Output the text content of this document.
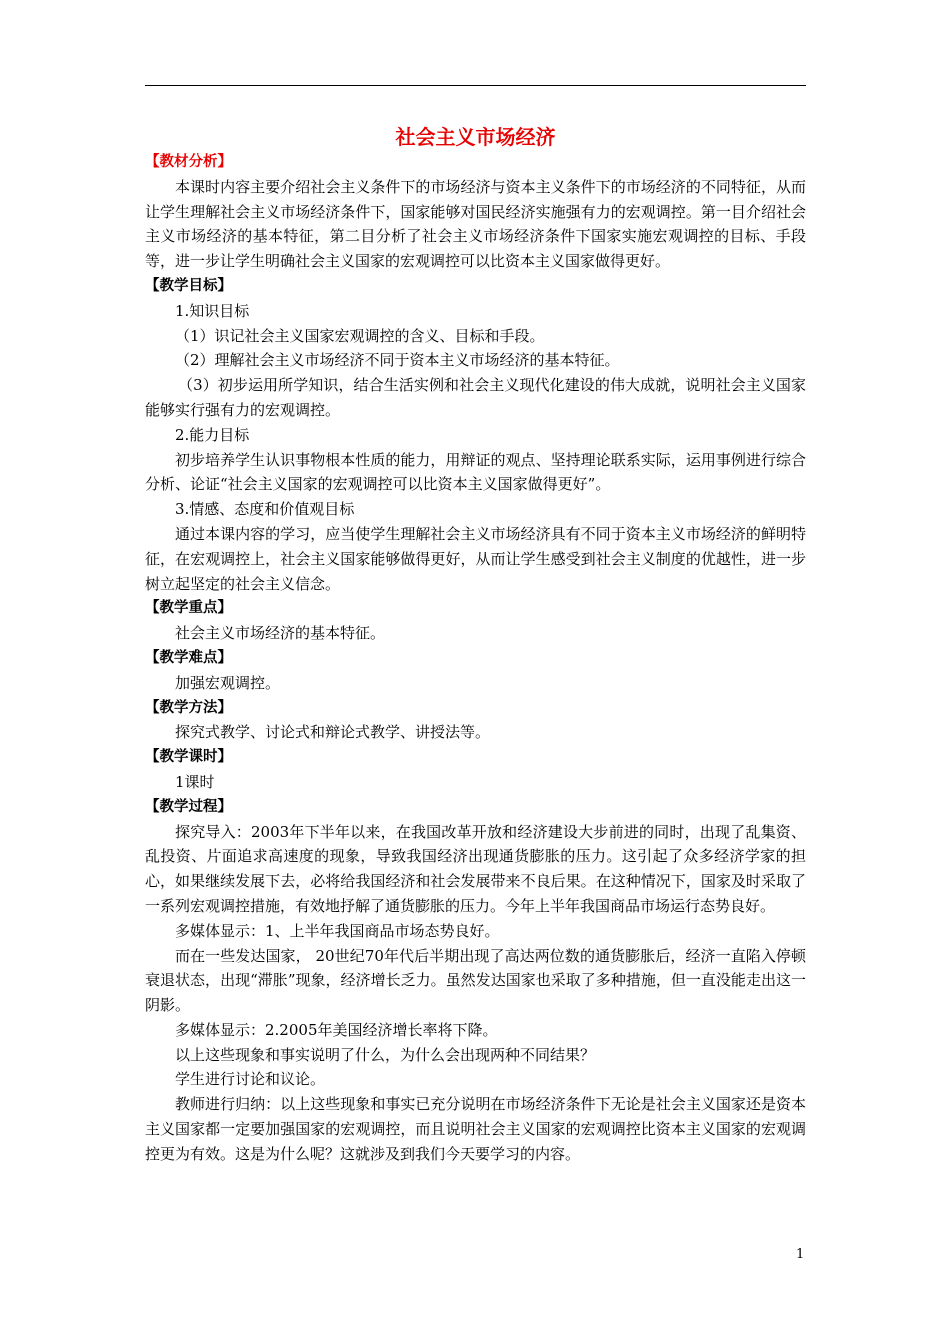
社会主义市场经济

【教材分析】

本课时内容主要介绍社会主义条件下的市场经济与资本主义条件下的市场经济的不同特征，从而让学生理解社会主义市场经济条件下，国家能够对国民经济实施强有力的宏观调控。第一目介绍社会主义市场经济的基本特征，第二目分析了社会主义市场经济条件下国家实施宏观调控的目标、手段等，进一步让学生明确社会主义国家的宏观调控可以比资本主义国家做得更好。

【教学目标】

1.知识目标

（1）识记社会主义国家宏观调控的含义、目标和手段。

（2）理解社会主义市场经济不同于资本主义市场经济的基本特征。

（3）初步运用所学知识，结合生活实例和社会主义现代化建设的伟大成就，说明社会主义国家能够实行强有力的宏观调控。

2.能力目标

初步培养学生认识事物根本性质的能力，用辩证的观点、坚持理论联系实际，运用事例进行综合分析、论证“社会主义国家的宏观调控可以比资本主义国家做得更好”。

3.情感、态度和价值观目标

通过本课内容的学习，应当使学生理解社会主义市场经济具有不同于资本主义市场经济的鲜明特征，在宏观调控上，社会主义国家能够做得更好，从而让学生感受到社会主义制度的优越性，进一步树立起坚定的社会主义信念。

【教学重点】

社会主义市场经济的基本特征。

【教学难点】

加强宏观调控。

【教学方法】

探究式教学、讨论式和辩论式教学、讲授法等。

【教学课时】

1课时

【教学过程】

探究导入：2003年下半年以来，在我国改革开放和经济建设大步前进的同时，出现了乱集资、乱投资、片面追求高速度的现象，导致我国经济出现通货膨胀的压力。这引起了众多经济学家的担心，如果继续发展下去，必将给我国经济和社会发展带来不良后果。在这种情况下，国家及时采取了一系列宏观调控措施，有效地抒解了通货膨胀的压力。今年上半年我国商品市场运行态势良好。

多媒体显示：1、上半年我国商品市场态势良好。

而在一些发达国家， 20世纪70年代后半期出现了高达两位数的通货膨胀后，经济一直陷入停顿衰退状态，出现“滞胀”现象，经济增长乏力。虽然发达国家也采取了多种措施，但一直没能走出这一阴影。

多媒体显示：2.2005年美国经济增长率将下降。

以上这些现象和事实说明了什么，为什么会出现两种不同结果？

学生进行讨论和议论。

教师进行归纳：以上这些现象和事实已充分说明在市场经济条件下无论是社会主义国家还是资本主义国家都一定要加强国家的宏观调控，而且说明社会主义国家的宏观调控比资本主义国家的宏观调控更为有效。这是为什么呢？这就涉及到我们今天要学习的内容。

1
